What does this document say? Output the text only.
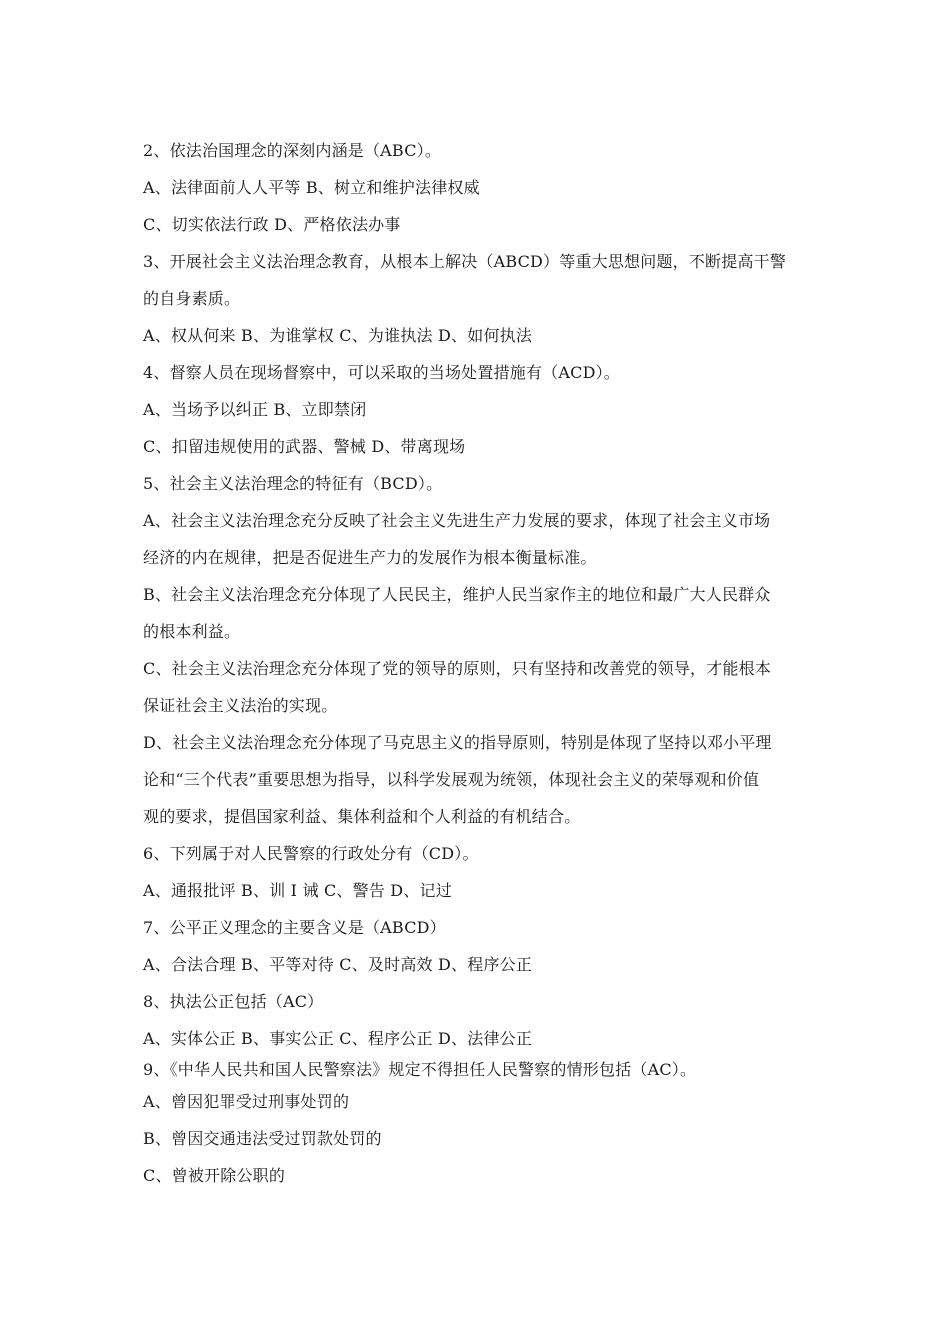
2、依法治国理念的深刻内涵是（ABC）。
A、法律面前人人平等 B、树立和维护法律权威
C、切实依法行政 D、严格依法办事
3、开展社会主义法治理念教育，从根本上解决（ABCD）等重大思想问题，不断提高干警
的自身素质。
A、权从何来 B、为谁掌权 C、为谁执法 D、如何执法
4、督察人员在现场督察中，可以采取的当场处置措施有（ACD）。
A、当场予以纠正 B、立即禁闭
C、扣留违规使用的武器、警械 D、带离现场
5、社会主义法治理念的特征有（BCD）。
A、社会主义法治理念充分反映了社会主义先进生产力发展的要求，体现了社会主义市场
经济的内在规律，把是否促进生产力的发展作为根本衡量标准。
B、社会主义法治理念充分体现了人民民主，维护人民当家作主的地位和最广大人民群众
的根本利益。
C、社会主义法治理念充分体现了党的领导的原则，只有坚持和改善党的领导，才能根本
保证社会主义法治的实现。
D、社会主义法治理念充分体现了马克思主义的指导原则，特别是体现了坚持以邓小平理
论和“三个代表”重要思想为指导，以科学发展观为统领，体现社会主义的荣辱观和价值
观的要求，提倡国家利益、集体利益和个人利益的有机结合。
6、下列属于对人民警察的行政处分有（CD）。
A、通报批评 B、训 I 诫 C、警告 D、记过
7、公平正义理念的主要含义是（ABCD）
A、合法合理 B、平等对待 C、及时高效 D、程序公正
8、执法公正包括（AC）
A、实体公正 B、事实公正 C、程序公正 D、法律公正
9、《中华人民共和国人民警察法》规定不得担任人民警察的情形包括（AC）。
A、曾因犯罪受过刑事处罚的
B、曾因交通违法受过罚款处罚的
C、曾被开除公职的
